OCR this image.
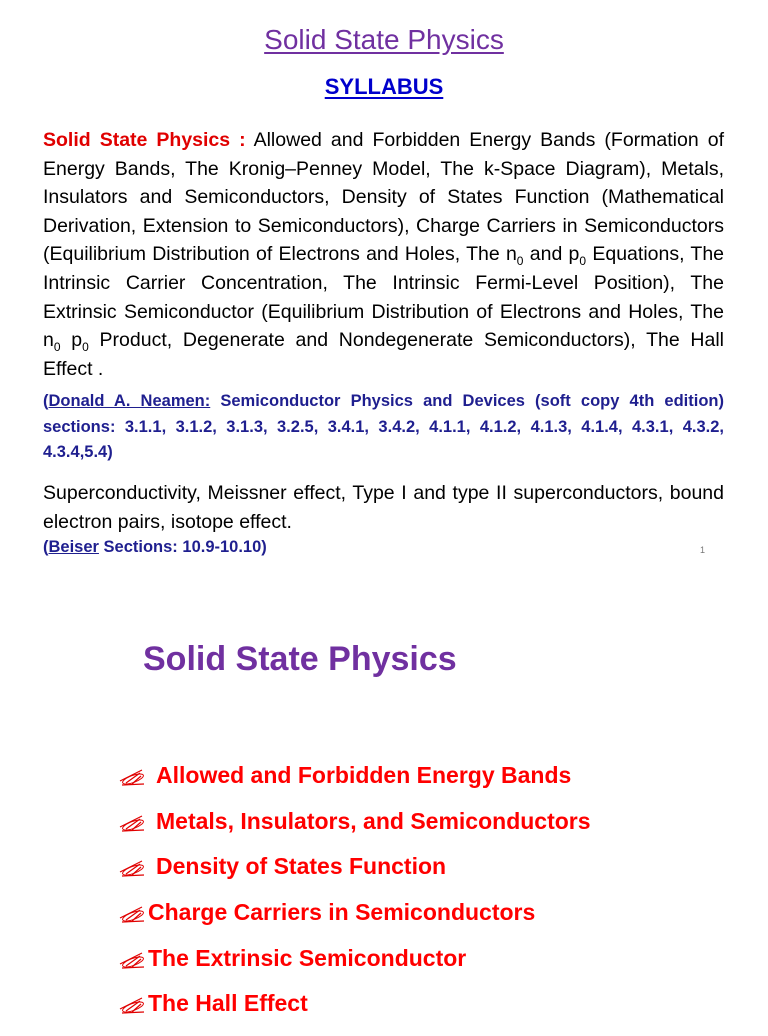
Solid State Physics
SYLLABUS
Solid State Physics : Allowed and Forbidden Energy Bands (Formation of Energy Bands, The Kronig–Penney Model, The k-Space Diagram), Metals, Insulators and Semiconductors, Density of States Function (Mathematical Derivation, Extension to Semiconductors), Charge Carriers in Semiconductors (Equilibrium Distribution of Electrons and Holes, The $n_0$ and $p_0$ Equations, The Intrinsic Carrier Concentration, The Intrinsic Fermi-Level Position), The Extrinsic Semiconductor (Equilibrium Distribution of Electrons and Holes, The $n_0$ $p_0$ Product, Degenerate and Nondegenerate Semiconductors), The Hall Effect .
(Donald A. Neamen: Semiconductor Physics and Devices (soft copy 4th edition) sections: 3.1.1, 3.1.2, 3.1.3, 3.2.5, 3.4.1, 3.4.2, 4.1.1, 4.1.2, 4.1.3, 4.1.4, 4.3.1, 4.3.2, 4.3.4,5.4)
Superconductivity, Meissner effect, Type I and type II superconductors, bound electron pairs, isotope effect.
(Beiser Sections: 10.9-10.10)	1
Solid State Physics
Allowed and Forbidden Energy Bands
Metals, Insulators, and Semiconductors
Density of States Function
Charge Carriers in Semiconductors
The Extrinsic Semiconductor
The Hall Effect
